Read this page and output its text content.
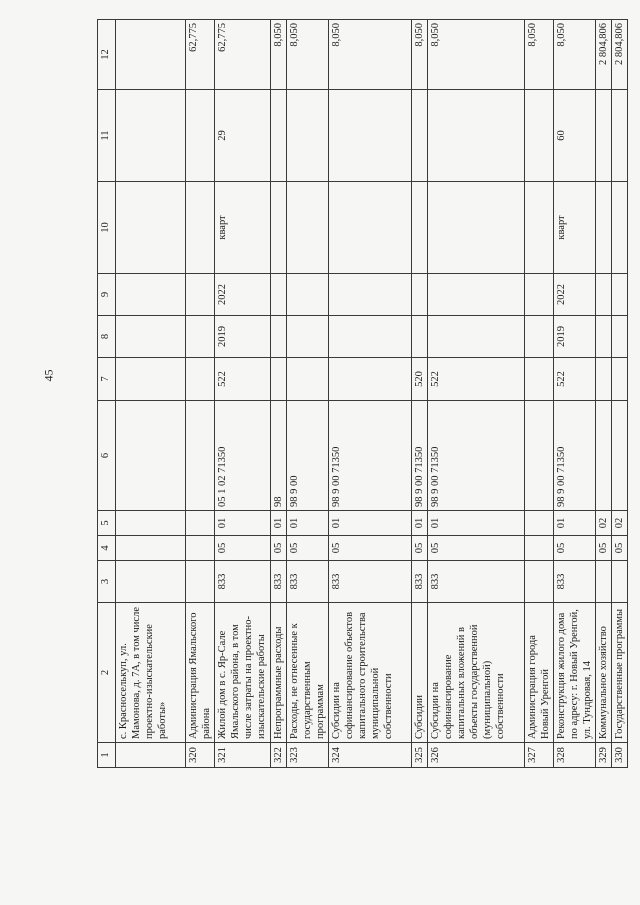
45
1	2	3	4	5	6	7	8	9	10	11	12
	с. Красноселькуп, ул. Мамонова, д. 7А, в том числе проектно-изыскательские работы»										
320	Администрация Ямальского района										62,775
321	Жилой дом в с. Яр-Сале Ямальского района, в том числе затраты на проектно-изыскательские работы	833	05	01	05 1 02 71350	522	2019	2022	кварт	29	62,775
322	Непрограммные расходы	833	05	01	98						8,050
323	Расходы, не отнесенные к государственным программам	833	05	01	98 9 00						8,050
324	Субсидии на софинансирование объектов капитального строительства муниципальной собственности	833	05	01	98 9 00 71350						8,050
325	Субсидии	833	05	01	98 9 00 71350	520					8,050
326	Субсидии на софинансирование капитальных вложений в объекты государственной (муниципальной) собственности	833	05	01	98 9 00 71350	522					8,050
327	Администрация города Новый Уренгой										8,050
328	Реконструкция жилого дома по адресу: г. Новый Уренгой, ул. Тундровая, 14	833	05	01	98 9 00 71350	522	2019	2022	кварт	60	8,050
329	Коммунальное хозяйство		05	02							2 804,806
330	Государственные программы		05	02							2 804,806
